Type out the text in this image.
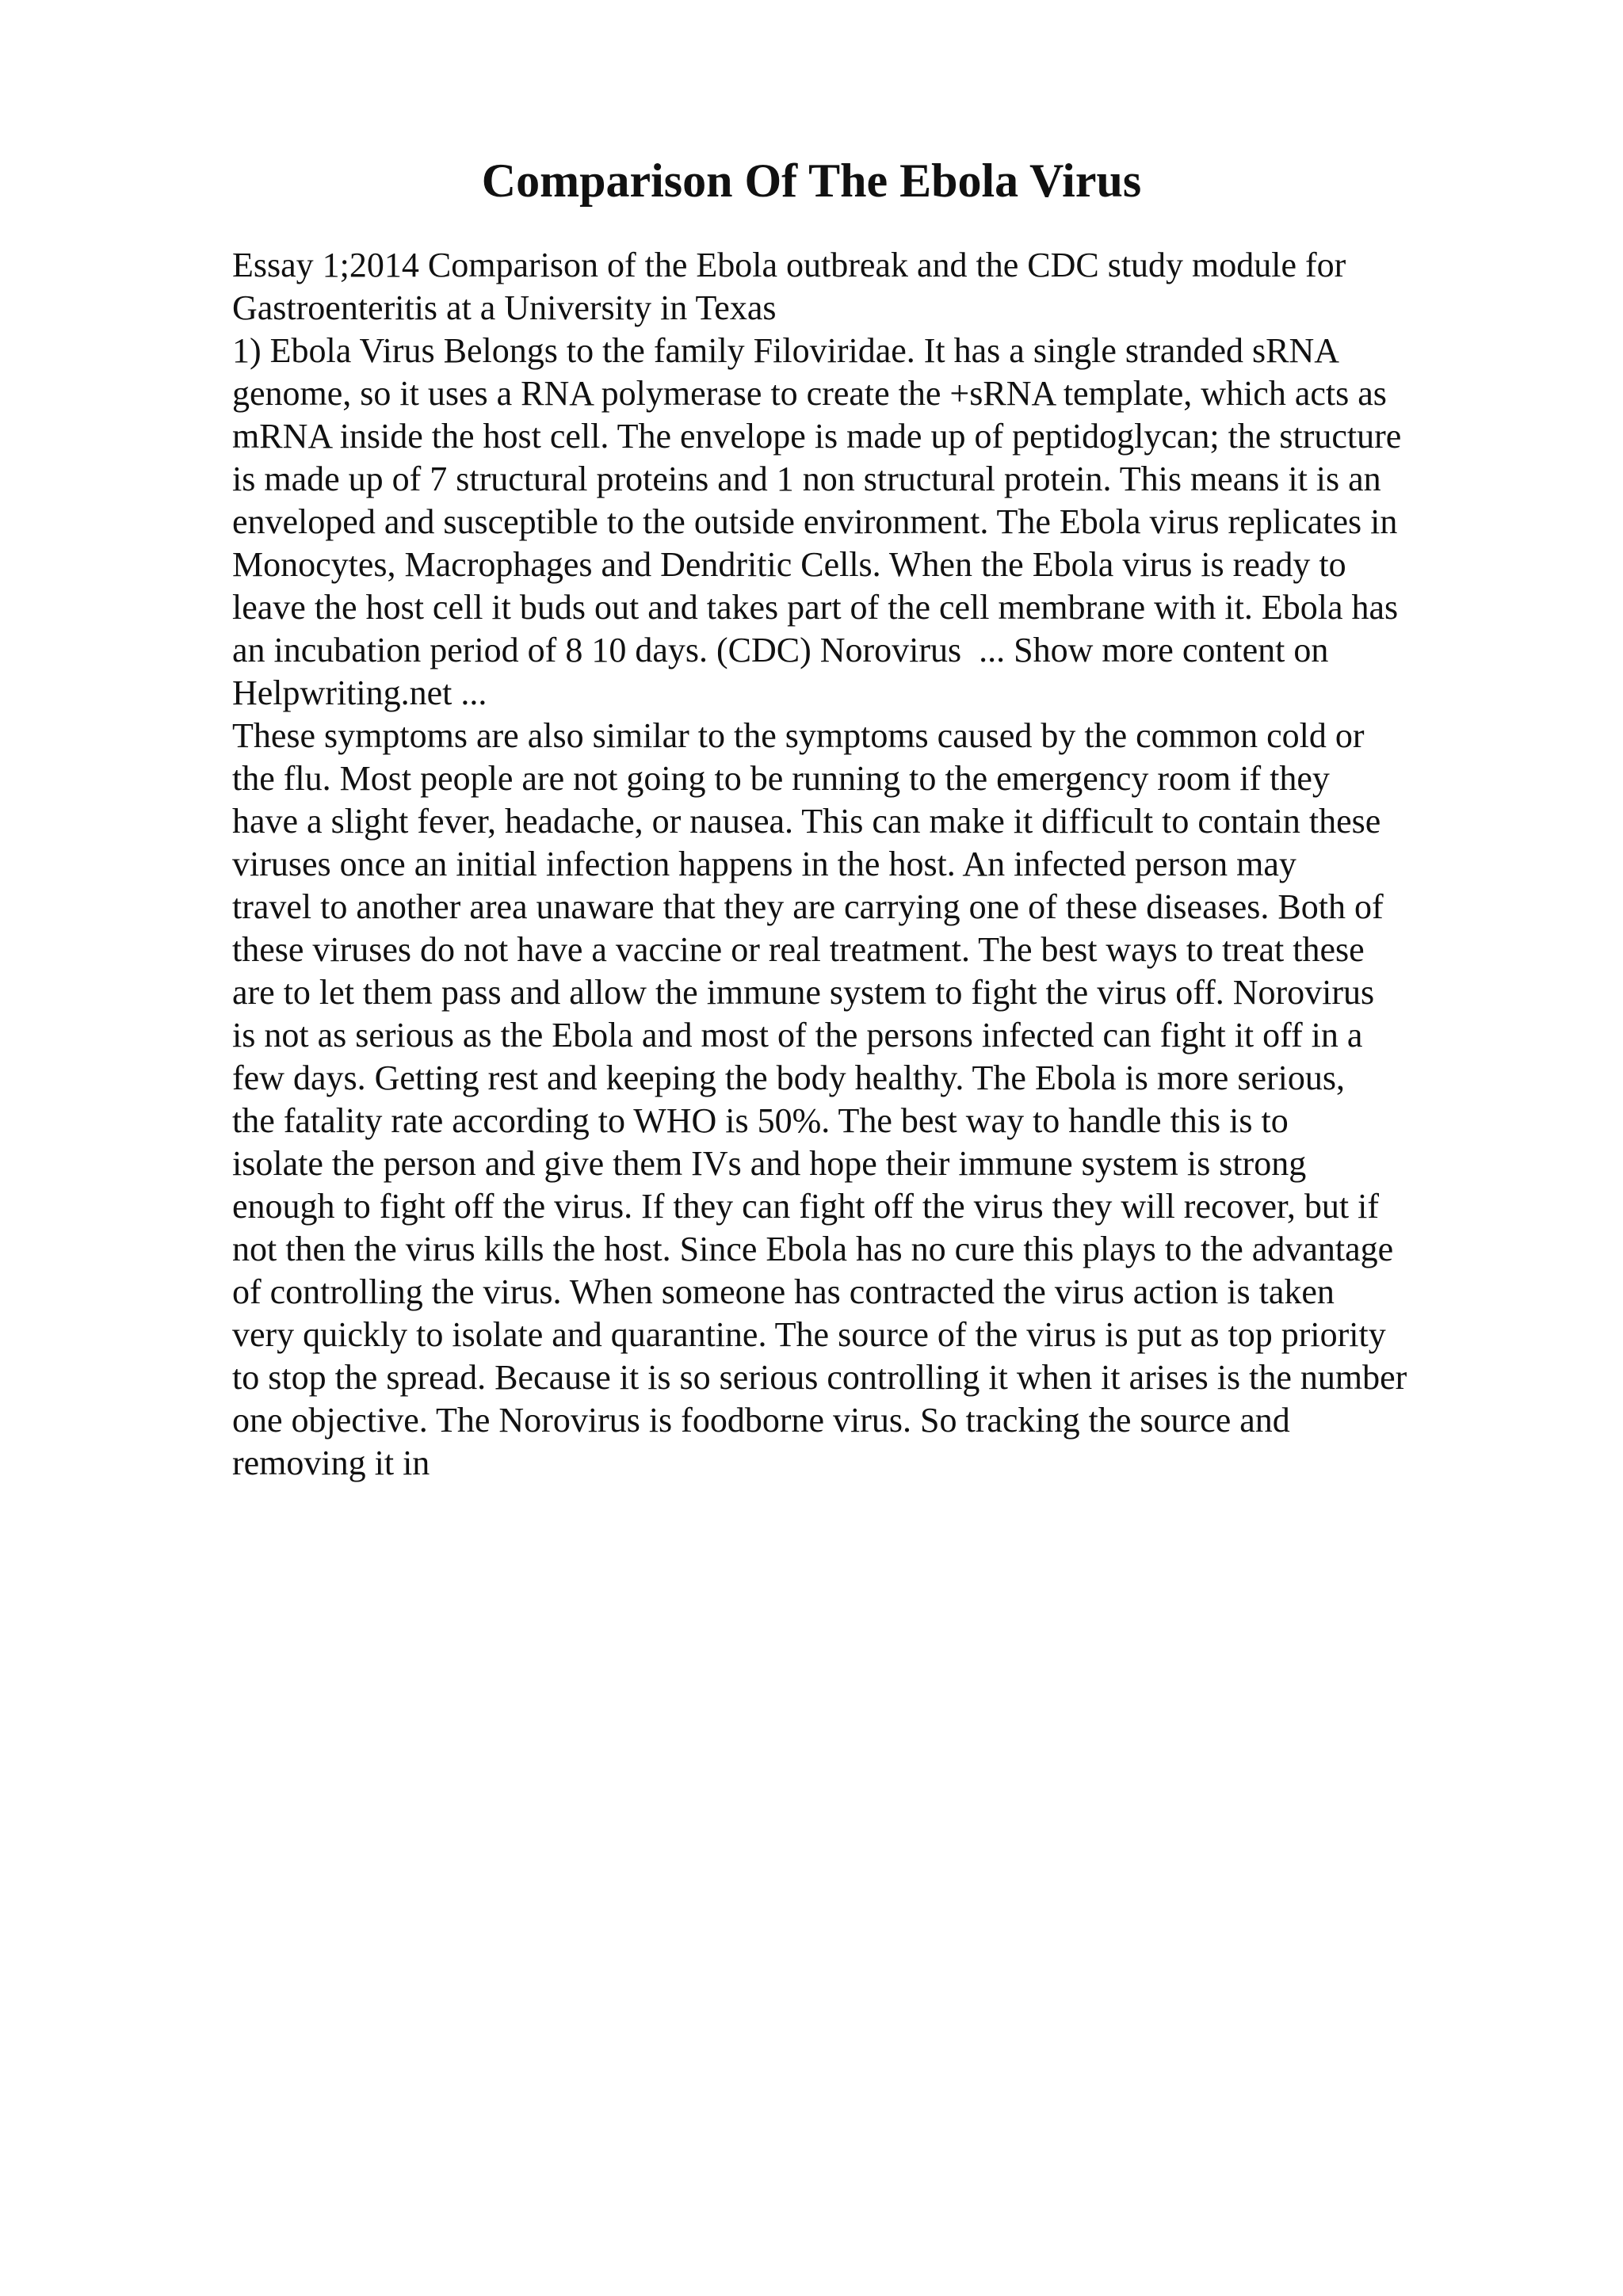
Comparison Of The Ebola Virus
Essay 1;2014 Comparison of the Ebola outbreak and the CDC study module for
Gastroenteritis at a University in Texas
1) Ebola Virus Belongs to the family Filoviridae. It has a single stranded sRNA
genome, so it uses a RNA polymerase to create the +sRNA template, which acts as
mRNA inside the host cell. The envelope is made up of peptidoglycan; the structure
is made up of 7 structural proteins and 1 non structural protein. This means it is an
enveloped and susceptible to the outside environment. The Ebola virus replicates in
Monocytes, Macrophages and Dendritic Cells. When the Ebola virus is ready to
leave the host cell it buds out and takes part of the cell membrane with it. Ebola has
an incubation period of 8 10 days. (CDC) Norovirus  ... Show more content on
Helpwriting.net ...
These symptoms are also similar to the symptoms caused by the common cold or
the flu. Most people are not going to be running to the emergency room if they
have a slight fever, headache, or nausea. This can make it difficult to contain these
viruses once an initial infection happens in the host. An infected person may
travel to another area unaware that they are carrying one of these diseases. Both of
these viruses do not have a vaccine or real treatment. The best ways to treat these
are to let them pass and allow the immune system to fight the virus off. Norovirus
is not as serious as the Ebola and most of the persons infected can fight it off in a
few days. Getting rest and keeping the body healthy. The Ebola is more serious,
the fatality rate according to WHO is 50%. The best way to handle this is to
isolate the person and give them IVs and hope their immune system is strong
enough to fight off the virus. If they can fight off the virus they will recover, but if
not then the virus kills the host. Since Ebola has no cure this plays to the advantage
of controlling the virus. When someone has contracted the virus action is taken
very quickly to isolate and quarantine. The source of the virus is put as top priority
to stop the spread. Because it is so serious controlling it when it arises is the number
one objective. The Norovirus is foodborne virus. So tracking the source and
removing it in
